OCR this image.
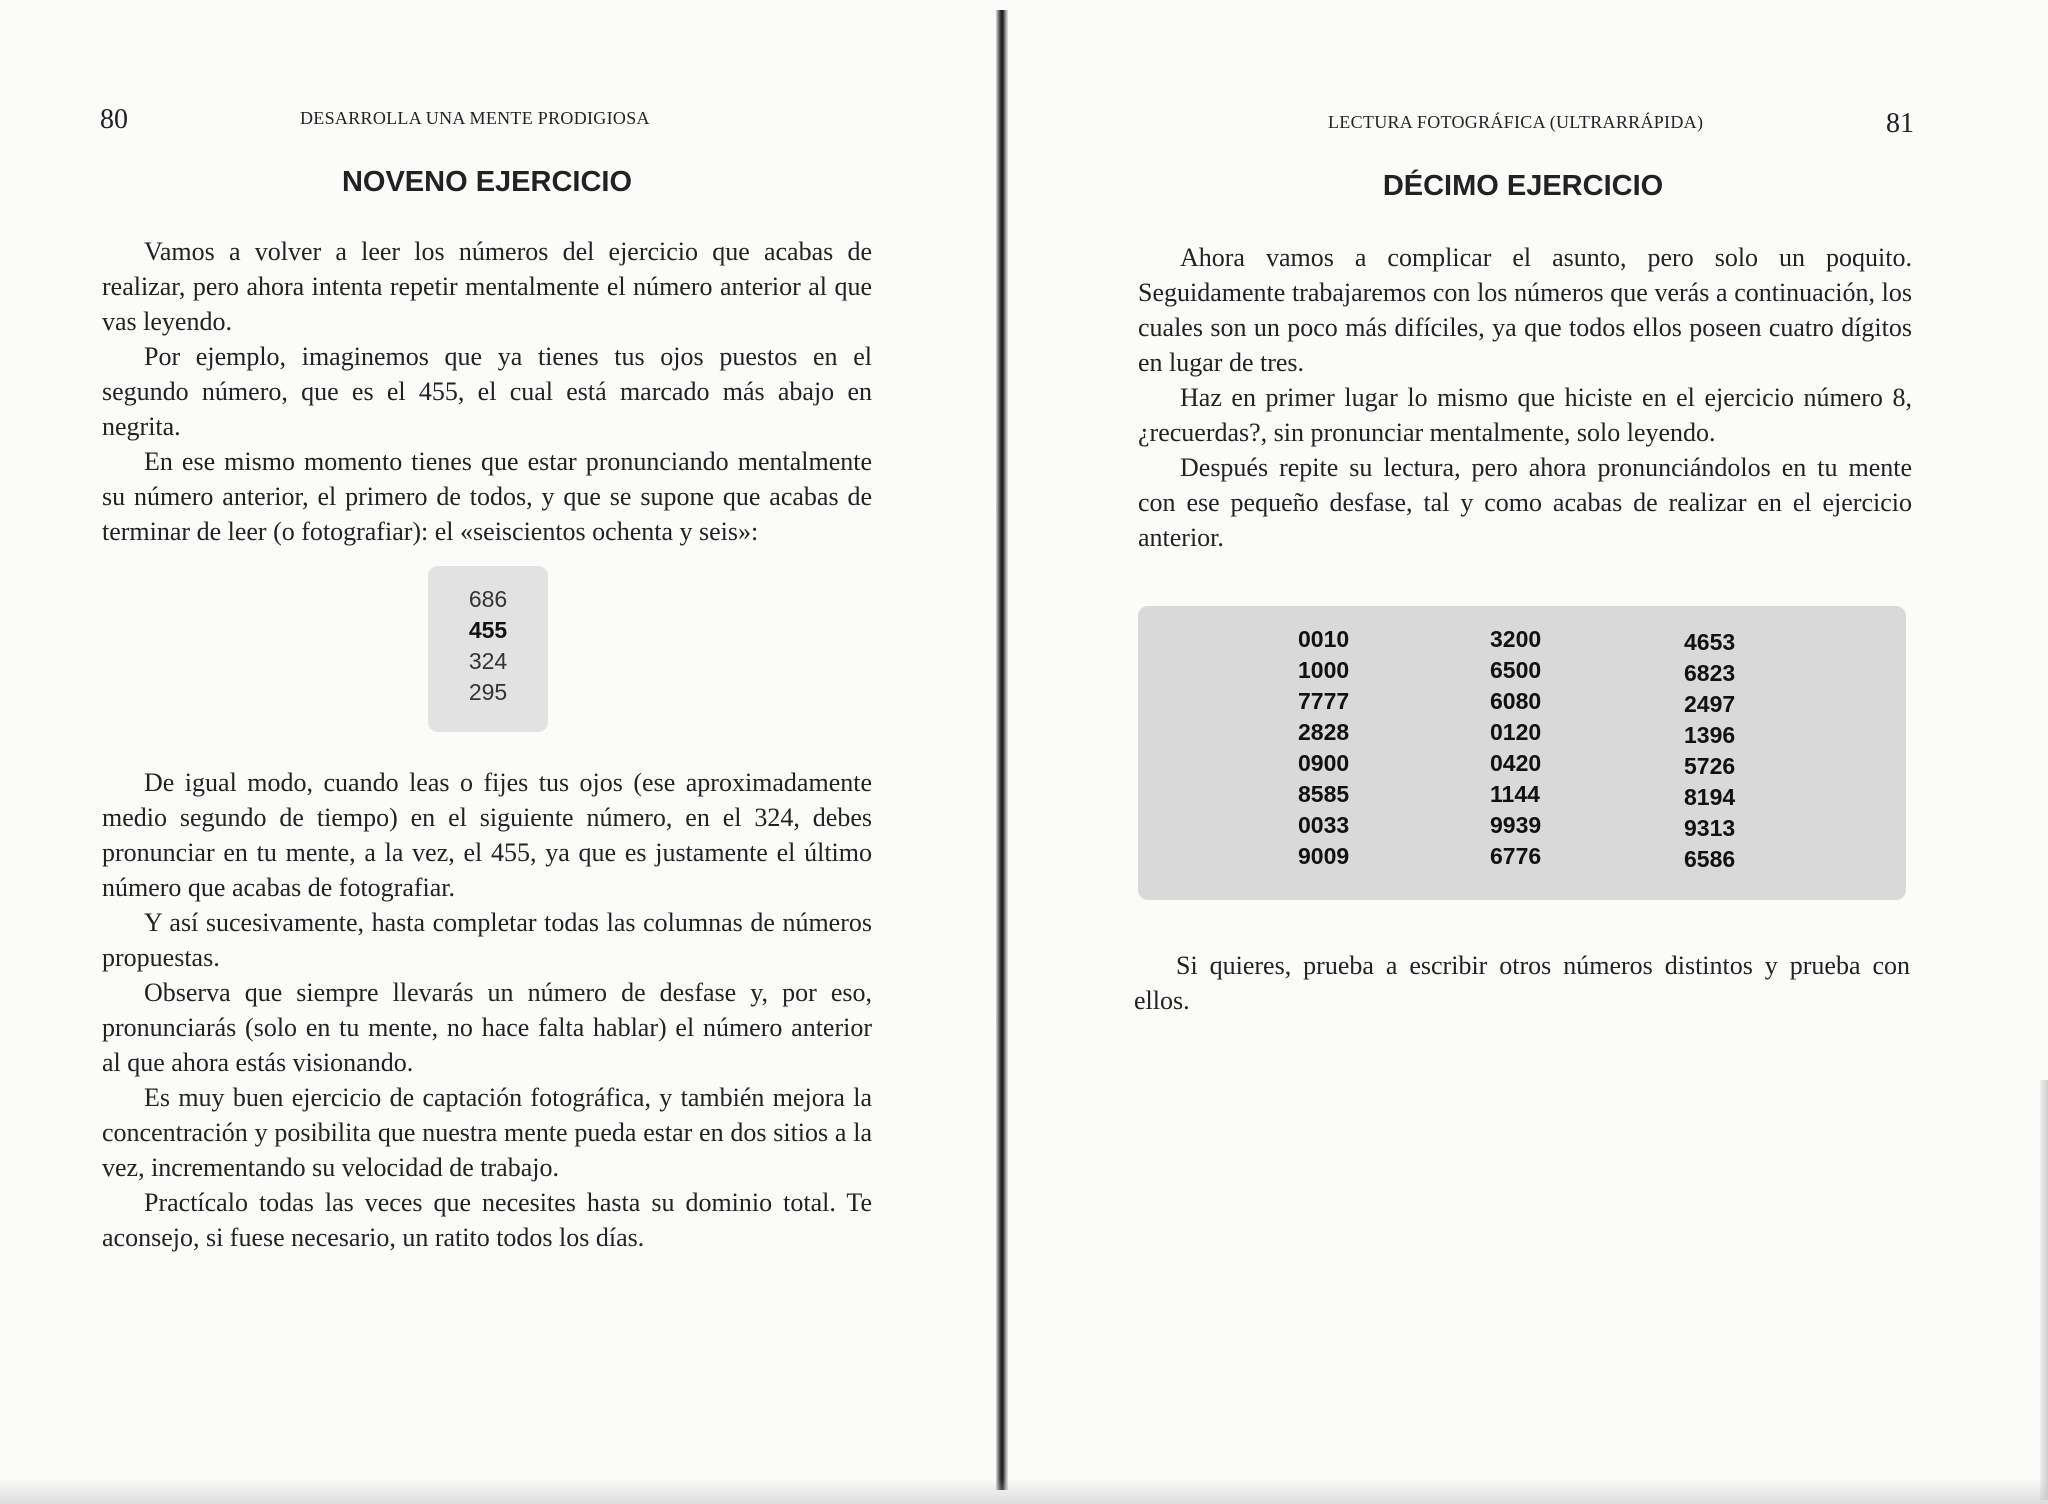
80	DESARROLLA UNA MENTE PRODIGIOSA
NOVENO EJERCICIO

Vamos a volver a leer los números del ejercicio que acabas de realizar, pero ahora intenta repetir mentalmente el número anterior al que vas leyendo.

Por ejemplo, imaginemos que ya tienes tus ojos puestos en el segundo número, que es el 455, el cual está marcado más abajo en negrita.

En ese mismo momento tienes que estar pronunciando mentalmente su número anterior, el primero de todos, y que se supone que acabas de terminar de leer (o fotografiar): el «seiscientos ochenta y seis»:

686
455
324
295

De igual modo, cuando leas o fijes tus ojos (ese aproximadamente medio segundo de tiempo) en el siguiente número, en el 324, debes pronunciar en tu mente, a la vez, el 455, ya que es justamente el último número que acabas de fotografiar.

Y así sucesivamente, hasta completar todas las columnas de números propuestas.

Observa que siempre llevarás un número de desfase y, por eso, pronunciarás (solo en tu mente, no hace falta hablar) el número anterior al que ahora estás visionando.

Es muy buen ejercicio de captación fotográfica, y también mejora la concentración y posibilita que nuestra mente pueda estar en dos sitios a la vez, incrementando su velocidad de trabajo.

Practícalo todas las veces que necesites hasta su dominio total. Te aconsejo, si fuese necesario, un ratito todos los días.

LECTURA FOTOGRÁFICA (ULTRARRÁPIDA)	81
DÉCIMO EJERCICIO

Ahora vamos a complicar el asunto, pero solo un poquito. Seguidamente trabajaremos con los números que verás a continuación, los cuales son un poco más difíciles, ya que todos ellos poseen cuatro dígitos en lugar de tres.

Haz en primer lugar lo mismo que hiciste en el ejercicio número 8, ¿recuerdas?, sin pronunciar mentalmente, solo leyendo.

Después repite su lectura, pero ahora pronunciándolos en tu mente con ese pequeño desfase, tal y como acabas de realizar en el ejercicio anterior.

Si quieres, prueba a escribir otros números distintos y prueba con ellos.

0010
1000
7777
2828
0900
8585
0033
9009
3200
6500
6080
0120
0420
1144
9939
6776
4653
6823
2497
1396
5726
8194
9313
6586
